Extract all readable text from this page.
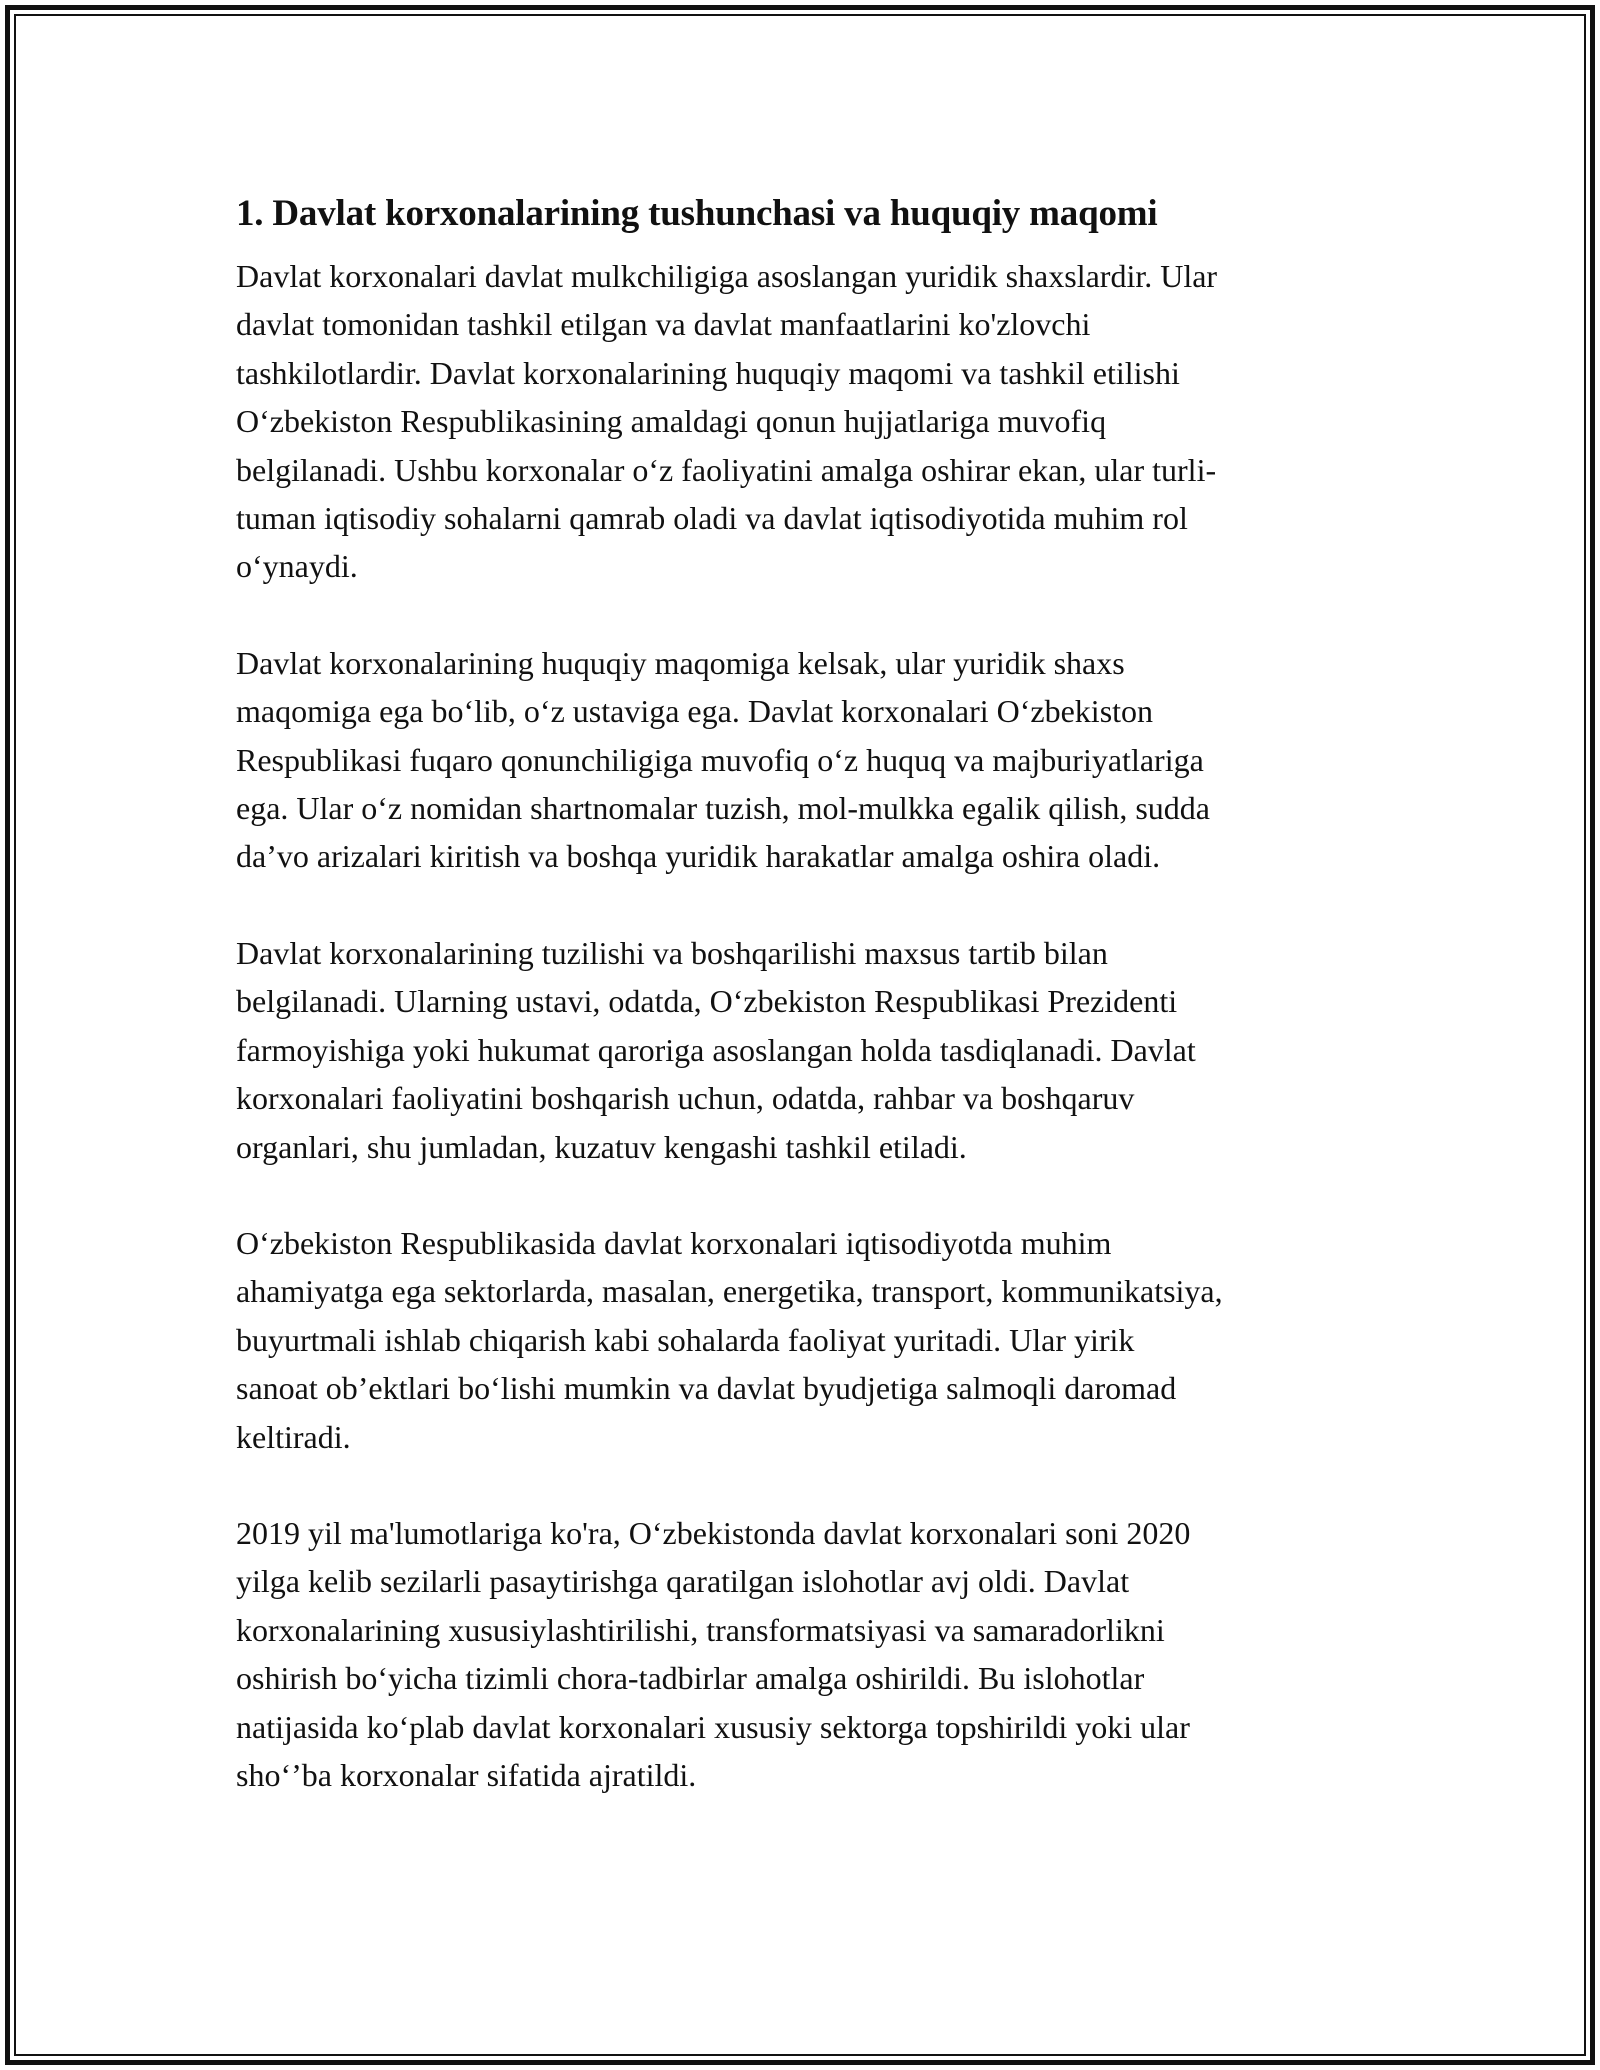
1. Davlat korxonalarining tushunchasi va huquqiy maqomi

Davlat korxonalari davlat mulkchiligiga asoslangan yuridik shaxslardir. Ular
davlat tomonidan tashkil etilgan va davlat manfaatlarini ko'zlovchi
tashkilotlardir. Davlat korxonalarining huquqiy maqomi va tashkil etilishi
O‘zbekiston Respublikasining amaldagi qonun hujjatlariga muvofiq
belgilanadi. Ushbu korxonalar o‘z faoliyatini amalga oshirar ekan, ular turli-
tuman iqtisodiy sohalarni qamrab oladi va davlat iqtisodiyotida muhim rol
o‘ynaydi.

Davlat korxonalarining huquqiy maqomiga kelsak, ular yuridik shaxs
maqomiga ega bo‘lib, o‘z ustaviga ega. Davlat korxonalari O‘zbekiston
Respublikasi fuqaro qonunchiligiga muvofiq o‘z huquq va majburiyatlariga
ega. Ular o‘z nomidan shartnomalar tuzish, mol-mulkka egalik qilish, sudda
da’vo arizalari kiritish va boshqa yuridik harakatlar amalga oshira oladi.

Davlat korxonalarining tuzilishi va boshqarilishi maxsus tartib bilan
belgilanadi. Ularning ustavi, odatda, O‘zbekiston Respublikasi Prezidenti
farmoyishiga yoki hukumat qaroriga asoslangan holda tasdiqlanadi. Davlat
korxonalari faoliyatini boshqarish uchun, odatda, rahbar va boshqaruv
organlari, shu jumladan, kuzatuv kengashi tashkil etiladi.

O‘zbekiston Respublikasida davlat korxonalari iqtisodiyotda muhim
ahamiyatga ega sektorlarda, masalan, energetika, transport, kommunikatsiya,
buyurtmali ishlab chiqarish kabi sohalarda faoliyat yuritadi. Ular yirik
sanoat ob’ektlari bo‘lishi mumkin va davlat byudjetiga salmoqli daromad
keltiradi.

2019 yil ma'lumotlariga ko'ra, O‘zbekistonda davlat korxonalari soni 2020
yilga kelib sezilarli pasaytirishga qaratilgan islohotlar avj oldi. Davlat
korxonalarining xususiylashtirilishi, transformatsiyasi va samaradorlikni
oshirish bo‘yicha tizimli chora-tadbirlar amalga oshirildi. Bu islohotlar
natijasida ko‘plab davlat korxonalari xususiy sektorga topshirildi yoki ular
sho‘’ba korxonalar sifatida ajratildi.
